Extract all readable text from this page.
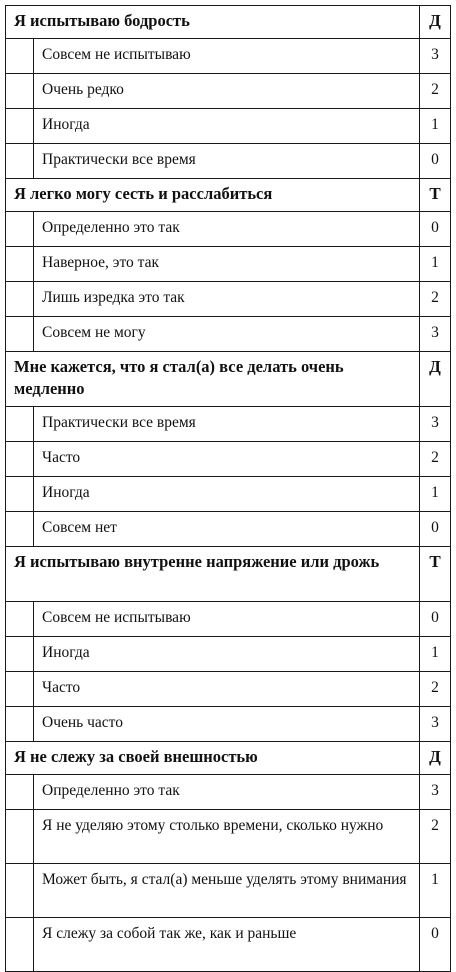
Я испытываю бодрость		Д
	Совсем не испытываю	3
	Очень редко	2
	Иногда	1
	Практически все время	0
Я легко могу сесть и расслабиться		Т
	Определенно это так	0
	Наверное, это так	1
	Лишь изредка это так	2
	Совсем не могу	3
Мне кажется, что я стал(а) все делать очень медленно		Д
	Практически все время	3
	Часто	2
	Иногда	1
	Совсем нет	0
Я испытываю внутренне напряжение или дрожь		Т
	Совсем не испытываю	0
	Иногда	1
	Часто	2
	Очень часто	3
Я не слежу за своей внешностью		Д
	Определенно это так	3
	Я не уделяю этому столько времени, сколько нужно	2
	Может быть, я стал(а) меньше уделять этому внимания	1
	Я слежу за собой так же, как и раньше	0
